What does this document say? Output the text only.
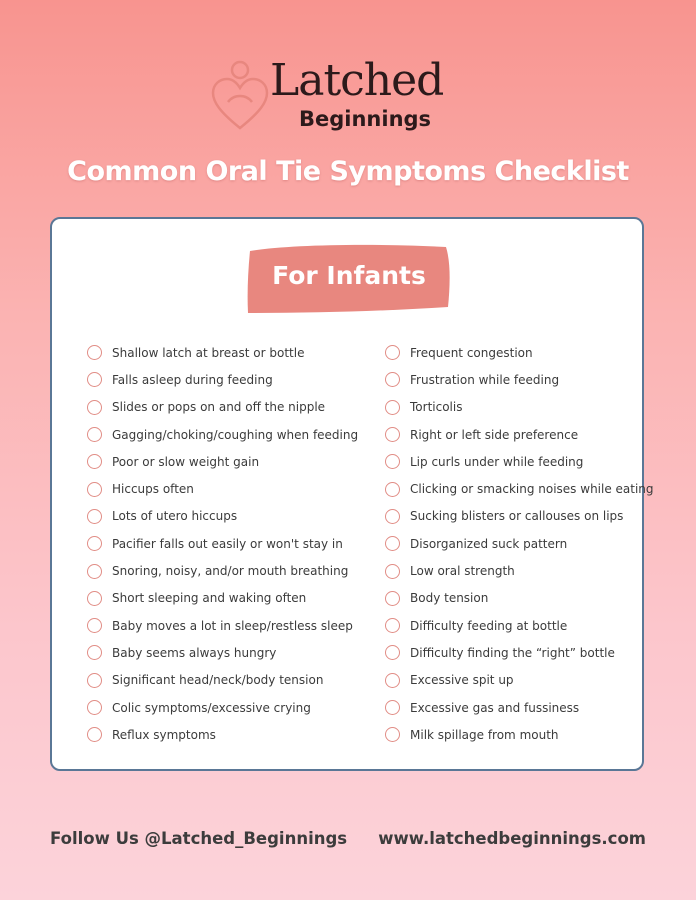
Latched
Beginnings
Common Oral Tie Symptoms Checklist
For Infants
Shallow latch at breast or bottle
Falls asleep during feeding
Slides or pops on and off the nipple
Gagging/choking/coughing when feeding
Poor or slow weight gain
Hiccups often
Lots of utero hiccups
Pacifier falls out easily or won't stay in
Snoring, noisy, and/or mouth breathing
Short sleeping and waking often
Baby moves a lot in sleep/restless sleep
Baby seems always hungry
Significant head/neck/body tension
Colic symptoms/excessive crying
Reflux symptoms
Frequent congestion
Frustration while feeding
Torticolis
Right or left side preference
Lip curls under while feeding
Clicking or smacking noises while eating
Sucking blisters or callouses on lips
Disorganized suck pattern
Low oral strength
Body tension
Difficulty feeding at bottle
Difficulty finding the “right” bottle
Excessive spit up
Excessive gas and fussiness
Milk spillage from mouth
Follow Us @Latched_Beginnings www.latchedbeginnings.com
